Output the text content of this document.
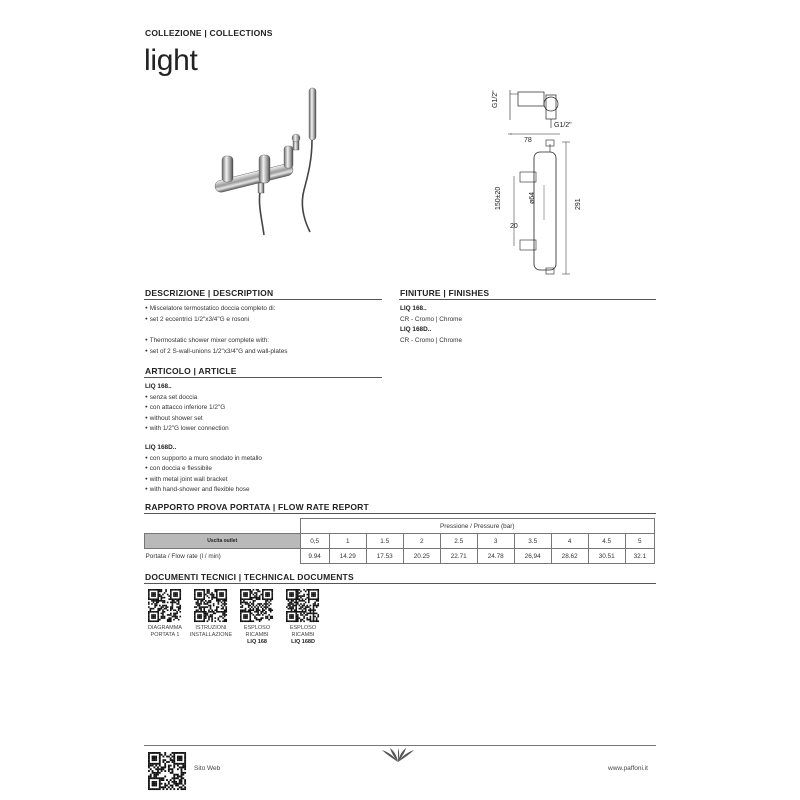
COLLEZIONE | COLLECTIONS
light
G1/2"
G1/2"
78
150±20	ø64
20
291
DESCRIZIONE | DESCRIPTION
● Miscelatore termostatico doccia completo di:
● set 2 eccentrici 1/2"x3/4"G e rosoni
● Thermostatic shower mixer complete with:
● set of 2 S-wall-unions 1/2"x3/4"G and wall-plates
FINITURE | FINISHES
LIQ 168..
CR - Cromo | Chrome
LIQ 168D..
CR - Cromo | Chrome
ARTICOLO | ARTICLE
LIQ 168..
● senza set doccia
● con attacco inferiore 1/2"G
● without shower set
● with 1/2"G lower connection
LIQ 168D..
● con supporto a muro snodato in metallo
● con doccia e flessibile
● with metal joint wall bracket
● with hand-shower and flexible hose
RAPPORTO PROVA PORTATA | FLOW RATE REPORT
	Pressione / Pressure (bar)									
Uscita outlet	0,5	1	1.5	2	2.5	3	3.5	4	4.5	5
Portata / Flow rate (l / min)	9.94	14.29	17.53	20.25	22.71	24.78	26,94	28.62	30.51	32.1
DOCUMENTI TECNICI | TECHNICAL DOCUMENTS
Sito Web	www.paffoni.it
DIAGRAMMA
PORTATA 1
ISTRUZIONI
INSTALLAZIONE
ESPLOSO
RICAMBI
LIQ 168
ESPLOSO
RICAMBI
LIQ 168D
